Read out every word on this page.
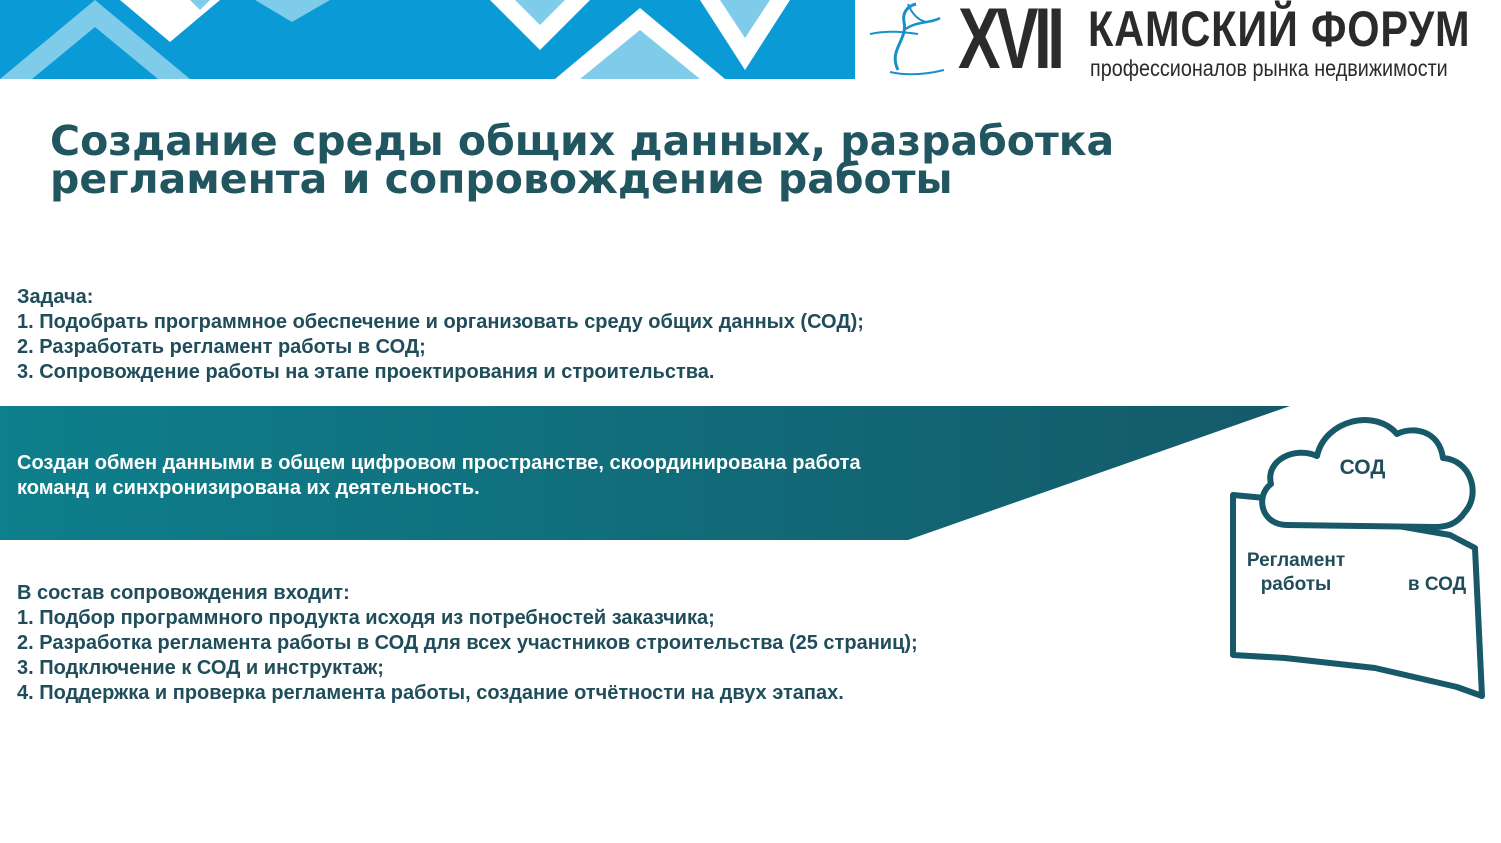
XVII КАМСКИЙ ФОРУМ
профессионалов рынка недвижимости
Создание среды общих данных, разработка регламента и сопровождение работы
Задача:
1. Подобрать программное обеспечение и организовать среду общих данных (СОД);
2. Разработать регламент работы в СОД;
3. Сопровождение работы на этапе проектирования и строительства.
Создан обмен данными в общем цифровом пространстве, скоординирована работа
команд и синхронизирована их деятельность.
В состав сопровождения входит:
1. Подбор программного продукта исходя из потребностей заказчика;
2. Разработка регламента работы в СОД для всех участников строительства (25 страниц);
3. Подключение к СОД и инструктаж;
4. Поддержка и проверка регламента работы, создание отчётности на двух этапах.
СОД
Регламент работы	в СОД
